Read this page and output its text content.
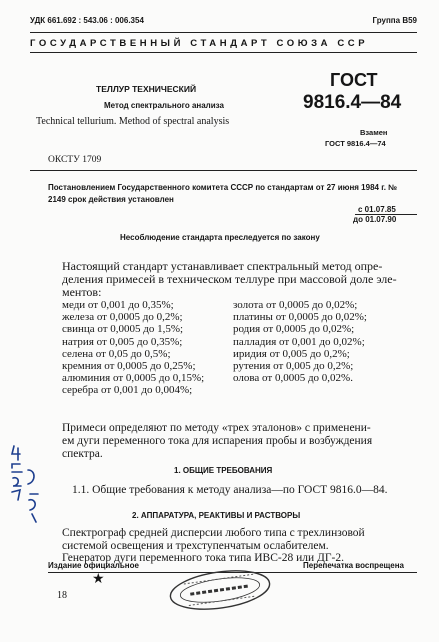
УДК 661.692 : 543.06 : 006.354	Группа В59
ГОСУДАРСТВЕННЫЙ СТАНДАРТ СОЮЗА ССР
ТЕЛЛУР ТЕХНИЧЕСКИЙ
Метод спектрального анализа
Technical tellurium. Method of spectral analysis
ГОСТ
9816.4—84
Взамен
ГОСТ 9816.4—74
ОКСТУ 1709
Постановлением Государственного комитета СССР по стандартам от 27 июня 1984 г. № 2149 срок действия установлен
с 01.07.85
до 01.07.90
Несоблюдение стандарта преследуется по закону
Настоящий стандарт устанавливает спектральный метод опре-
деления примесей в техническом теллуре при массовой доле эле-
ментов:
меди от 0,001 до 0,35%;
железа от 0,0005 до 0,2%;
свинца от 0,0005 до 1,5%;
натрия от 0,005 до 0,35%;
селена от 0,05 до 0,5%;
кремния от 0,0005 до 0,25%;
алюминия от 0,0005 до 0,15%;
серебра от 0,001 до 0,004%;
золота от 0,0005 до 0,02%;
платины от 0,0005 до 0,02%;
родия от 0,0005 до 0,02%;
палладия от 0,001 до 0,02%;
иридия от 0,005 до 0,2%;
рутения от 0,005 до 0,2%;
олова от 0,0005 до 0,02%.
Примеси определяют по методу «трех эталонов» с применени-
ем дуги переменного тока для испарения пробы и возбуждения
спектра.
1. ОБЩИЕ ТРЕБОВАНИЯ
1.1. Общие требования к методу анализа—по ГОСТ 9816.0—84.
2. АППАРАТУРА, РЕАКТИВЫ И РАСТВОРЫ
Спектрограф средней дисперсии любого типа с трехлинзовой
системой освещения и трехступенчатым ослабителем.
Генератор дуги переменного тока типа ИВС-28 или ДГ-2.
Издание официальное	Перепечатка воспрещена
★
18
